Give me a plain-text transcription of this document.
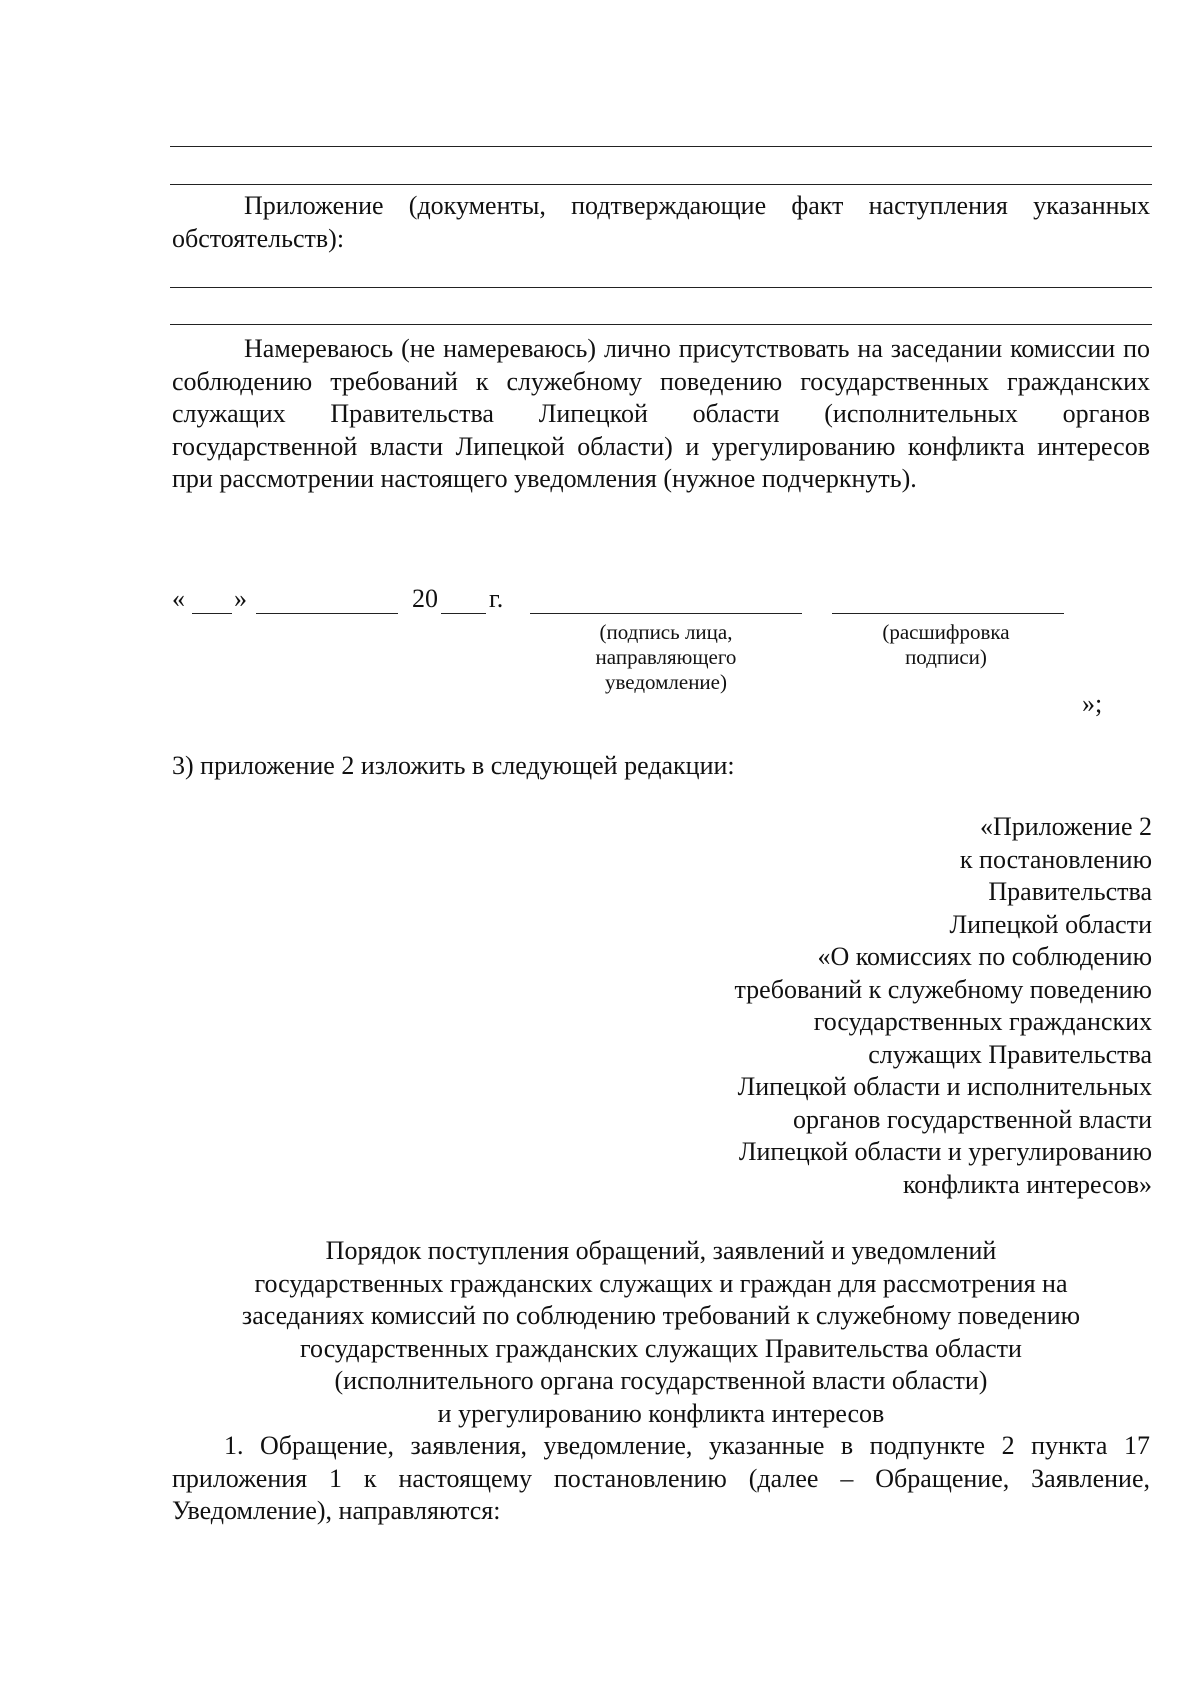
Приложение (документы, подтверждающие факт наступления указанных обстоятельств):
Намереваюсь (не намереваюсь) лично присутствовать на заседании комиссии по соблюдению требований к служебному поведению государственных гражданских служащих Правительства Липецкой области (исполнительных органов государственной власти Липецкой области) и урегулированию конфликта интересов при рассмотрении настоящего уведомления (нужное подчеркнуть).
« »	20 г.
(подпись лица, направляющего уведомление)
(расшифровка подписи)
»;
3) приложение 2 изложить в следующей редакции:
«Приложение 2
к постановлению
Правительства
Липецкой области
«О комиссиях по соблюдению
требований к служебному поведению
государственных гражданских
служащих Правительства
Липецкой области и исполнительных
органов государственной власти
Липецкой области и урегулированию
конфликта интересов»
Порядок поступления обращений, заявлений и уведомлений
государственных гражданских служащих и граждан для рассмотрения на
заседаниях комиссий по соблюдению требований к служебному поведению
государственных гражданских служащих Правительства области
(исполнительного органа государственной власти области)
и урегулированию конфликта интересов
1. Обращение, заявления, уведомление, указанные в подпункте 2 пункта 17 приложения 1 к настоящему постановлению (далее – Обращение, Заявление, Уведомление), направляются:
